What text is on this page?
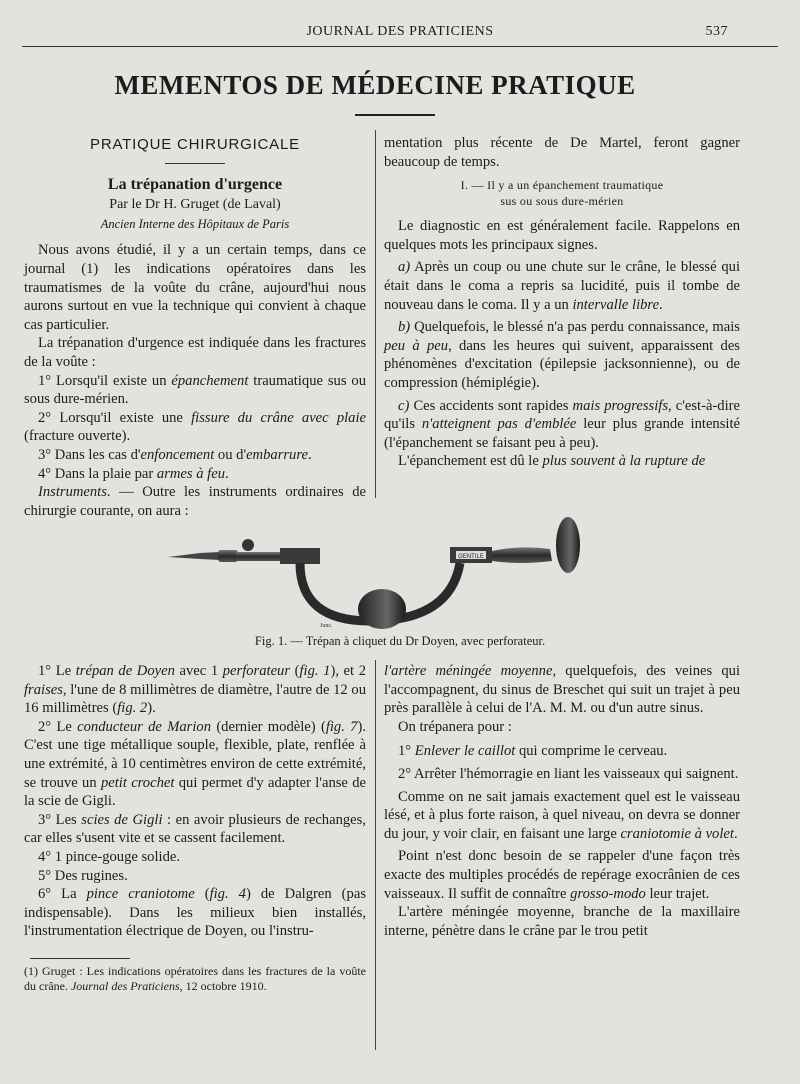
JOURNAL DES PRATICIENS	537
MEMENTOS DE MÉDECINE PRATIQUE
PRATIQUE CHIRURGICALE
La trépanation d'urgence
Par le Dr H. Gruget (de Laval)
Ancien Interne des Hôpitaux de Paris

Nous avons étudié, il y a un certain temps, dans ce journal (1) les indications opératoires dans les traumatismes de la voûte du crâne, aujourd'hui nous aurons surtout en vue la technique qui convient à chaque cas particulier.

La trépanation d'urgence est indiquée dans les fractures de la voûte :

1° Lorsqu'il existe un épanchement traumatique sus ou sous dure-mérien.

2° Lorsqu'il existe une fissure du crâne avec plaie (fracture ouverte).

3° Dans les cas d'enfoncement ou d'embarrure.

4° Dans la plaie par armes à feu.

Instruments. — Outre les instruments ordinaires de chirurgie courante, on aura :

mentation plus récente de De Martel, feront gagner beaucoup de temps.

I. — Il y a un épanchement traumatique
sus ou sous dure-mérien

Le diagnostic en est généralement facile. Rappelons en quelques mots les principaux signes.

a) Après un coup ou une chute sur le crâne, le blessé qui était dans le coma a repris sa lucidité, puis il tombe de nouveau dans le coma. Il y a un intervalle libre.

b) Quelquefois, le blessé n'a pas perdu connaissance, mais peu à peu, dans les heures qui suivent, apparaissent des phénomènes d'excitation (épilepsie jacksonnienne), ou de compression (hémiplégie).

c) Ces accidents sont rapides mais progressifs, c'est-à-dire qu'ils n'atteignent pas d'emblée leur plus grande intensité (l'épanchement se faisant peu à peu).

L'épanchement est dû le plus souvent à la rupture de

GENTILE
Junc.
Fig. 1. — Trépan à cliquet du Dr Doyen, avec perforateur.

1° Le trépan de Doyen avec 1 perforateur (fig. 1), et 2 fraises, l'une de 8 millimètres de diamètre, l'autre de 12 ou 16 millimètres (fig. 2).

2° Le conducteur de Marion (dernier modèle) (fig. 7). C'est une tige métallique souple, flexible, plate, renflée à une extrémité, à 10 centimètres environ de cette extrémité, se trouve un petit crochet qui permet d'y adapter l'anse de la scie de Gigli.

3° Les scies de Gigli : en avoir plusieurs de rechanges, car elles s'usent vite et se cassent facilement.

4° 1 pince-gouge solide.

5° Des rugines.

6° La pince craniotome (fig. 4) de Dalgren (pas indispensable). Dans les milieux bien installés, l'instrumentation électrique de Doyen, ou l'instru-

(1) Gruget : Les indications opératoires dans les fractures de la voûte du crâne. Journal des Praticiens, 12 octobre 1910.

l'artère méningée moyenne, quelquefois, des veines qui l'accompagnent, du sinus de Breschet qui suit un trajet à peu près parallèle à celui de l'A. M. M. ou d'un autre sinus.

On trépanera pour :

1° Enlever le caillot qui comprime le cerveau.

2° Arrêter l'hémorragie en liant les vaisseaux qui saignent.

Comme on ne sait jamais exactement quel est le vaisseau lésé, et à plus forte raison, à quel niveau, on devra se donner du jour, y voir clair, en faisant une large craniotomie à volet.

Point n'est donc besoin de se rappeler d'une façon très exacte des multiples procédés de repérage exocrânien de ces vaisseaux. Il suffit de connaître grosso-modo leur trajet.

L'artère méningée moyenne, branche de la maxillaire interne, pénètre dans le crâne par le trou petit
